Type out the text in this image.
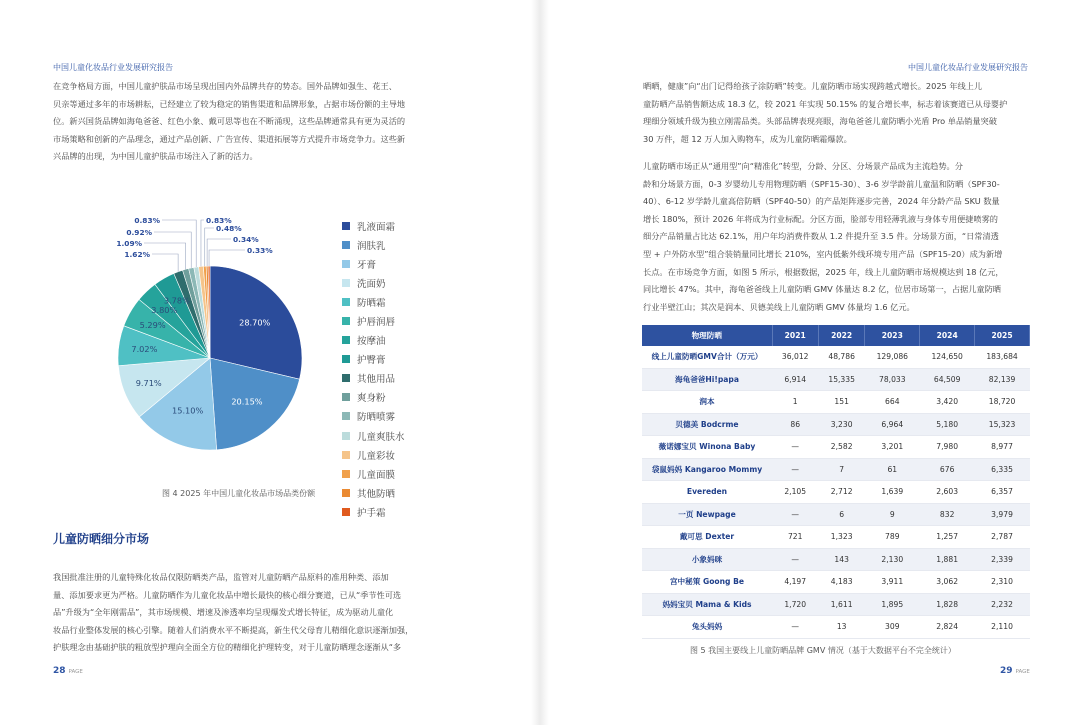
中国儿童化妆品行业发展研究报告

在竞争格局方面，中国儿童护肤品市场呈现出国内外品牌共存的势态。国外品牌如强生、花王、
贝亲等通过多年的市场耕耘，已经建立了较为稳定的销售渠道和品牌形象，占据市场份额的主导地
位。新兴国货品牌如海龟爸爸、红色小象、戴可思等也在不断涌现，这些品牌通常具有更为灵活的
市场策略和创新的产品理念，通过产品创新、广告宣传、渠道拓展等方式提升市场竞争力。这些新
兴品牌的出现，为中国儿童护肤品市场注入了新的活力。

28.70%
20.15%
15.10%
9.71%
7.02%
5.29%
3.80%
3.78%
1.62%
1.09%
0.92%
0.83%	0.83%
0.48%
0.34%
0.33%
乳液面霜
润肤乳
牙膏
洗面奶
防晒霜
护唇润唇
按摩油
护臀膏
其他用品
爽身粉
防晒喷雾
儿童爽肤水
儿童彩妆
儿童面膜
其他防晒
护手霜
图 4 2025 年中国儿童化妆品市场品类份额
儿童防晒细分市场

我国批准注册的儿童特殊化妆品仅限防晒类产品，监管对儿童防晒产品原料的准用种类、添加
量、添加要求更为严格。儿童防晒作为儿童化妆品中增长最快的核心细分赛道，已从“季节性可选
品”升级为“全年刚需品”，其市场规模、增速及渗透率均呈现爆发式增长特征，成为驱动儿童化
妆品行业整体发展的核心引擎。随着人们消费水平不断提高，新生代父母育儿精细化意识逐渐加强，
护肤理念由基础护肤的粗放型护理向全面全方位的精细化护理转变，对于儿童防晒理念逐渐从“多

28 PAGE
中国儿童化妆品行业发展研究报告

晒晒，健康”向“出门记得给孩子涂防晒”转变。儿童防晒市场实现跨越式增长。2025 年线上儿
童防晒产品销售额达成 18.3 亿，较 2021 年实现 50.15% 的复合增长率，标志着该赛道已从母婴护
理细分领域升级为独立刚需品类。头部品牌表现亮眼，海龟爸爸儿童防晒小光盾 Pro 单品销量突破
30 万件，超 12 万人加入购物车，成为儿童防晒霜爆款。

儿童防晒市场正从“通用型”向“精准化”转型，分龄、分区、分场景产品成为主流趋势。分
龄和分场景方面，0-3 岁婴幼儿专用物理防晒（SPF15-30）、3-6 岁学龄前儿童温和防晒（SPF30-
40）、6-12 岁学龄儿童高倍防晒（SPF40-50）的产品矩阵逐步完善，2024 年分龄产品 SKU 数量
增长 180%，预计 2026 年将成为行业标配。分区方面，脸部专用轻薄乳液与身体专用便捷喷雾的
细分产品销量占比达 62.1%，用户年均消费件数从 1.2 件提升至 3.5 件。分场景方面，“日常清透
型 + 户外防水型”组合装销量同比增长 210%，室内低紫外线环境专用产品（SPF15-20）成为新增
长点。在市场竞争方面，如图 5 所示，根据数据，2025 年，线上儿童防晒市场规模达到 18 亿元，
同比增长 47%。其中，海龟爸爸线上儿童防晒 GMV 体量达 8.2 亿，位居市场第一，占据儿童防晒
行业半壁江山；其次是润本、贝德美线上儿童防晒 GMV 体量均 1.6 亿元。

物理防晒	2021	2022	2023	2024	2025
线上儿童防晒GMV合计（万元）	36,012	48,786	129,086	124,650	183,684
海龟爸爸Hi!papa	6,914	15,335	78,033	64,509	82,139
润本	1	151	664	3,420	18,720
贝德美 Bodcrme	86	3,230	6,964	5,180	15,323
薇诺娜宝贝 Winona Baby	—	2,582	3,201	7,980	8,977
袋鼠妈妈 Kangaroo Mommy	—	7	61	676	6,335
Evereden	2,105	2,712	1,639	2,603	6,357
一页 Newpage	—	6	9	832	3,979
戴可思 Dexter	721	1,323	789	1,257	2,787
小象妈咪	—	143	2,130	1,881	2,339
宫中秘策 Goong Be	4,197	4,183	3,911	3,062	2,310
妈妈宝贝 Mama & Kids	1,720	1,611	1,895	1,828	2,232
兔头妈妈	—	13	309	2,824	2,110
图 5 我国主要线上儿童防晒品牌 GMV 情况（基于大数据平台不完全统计）
29 PAGE
